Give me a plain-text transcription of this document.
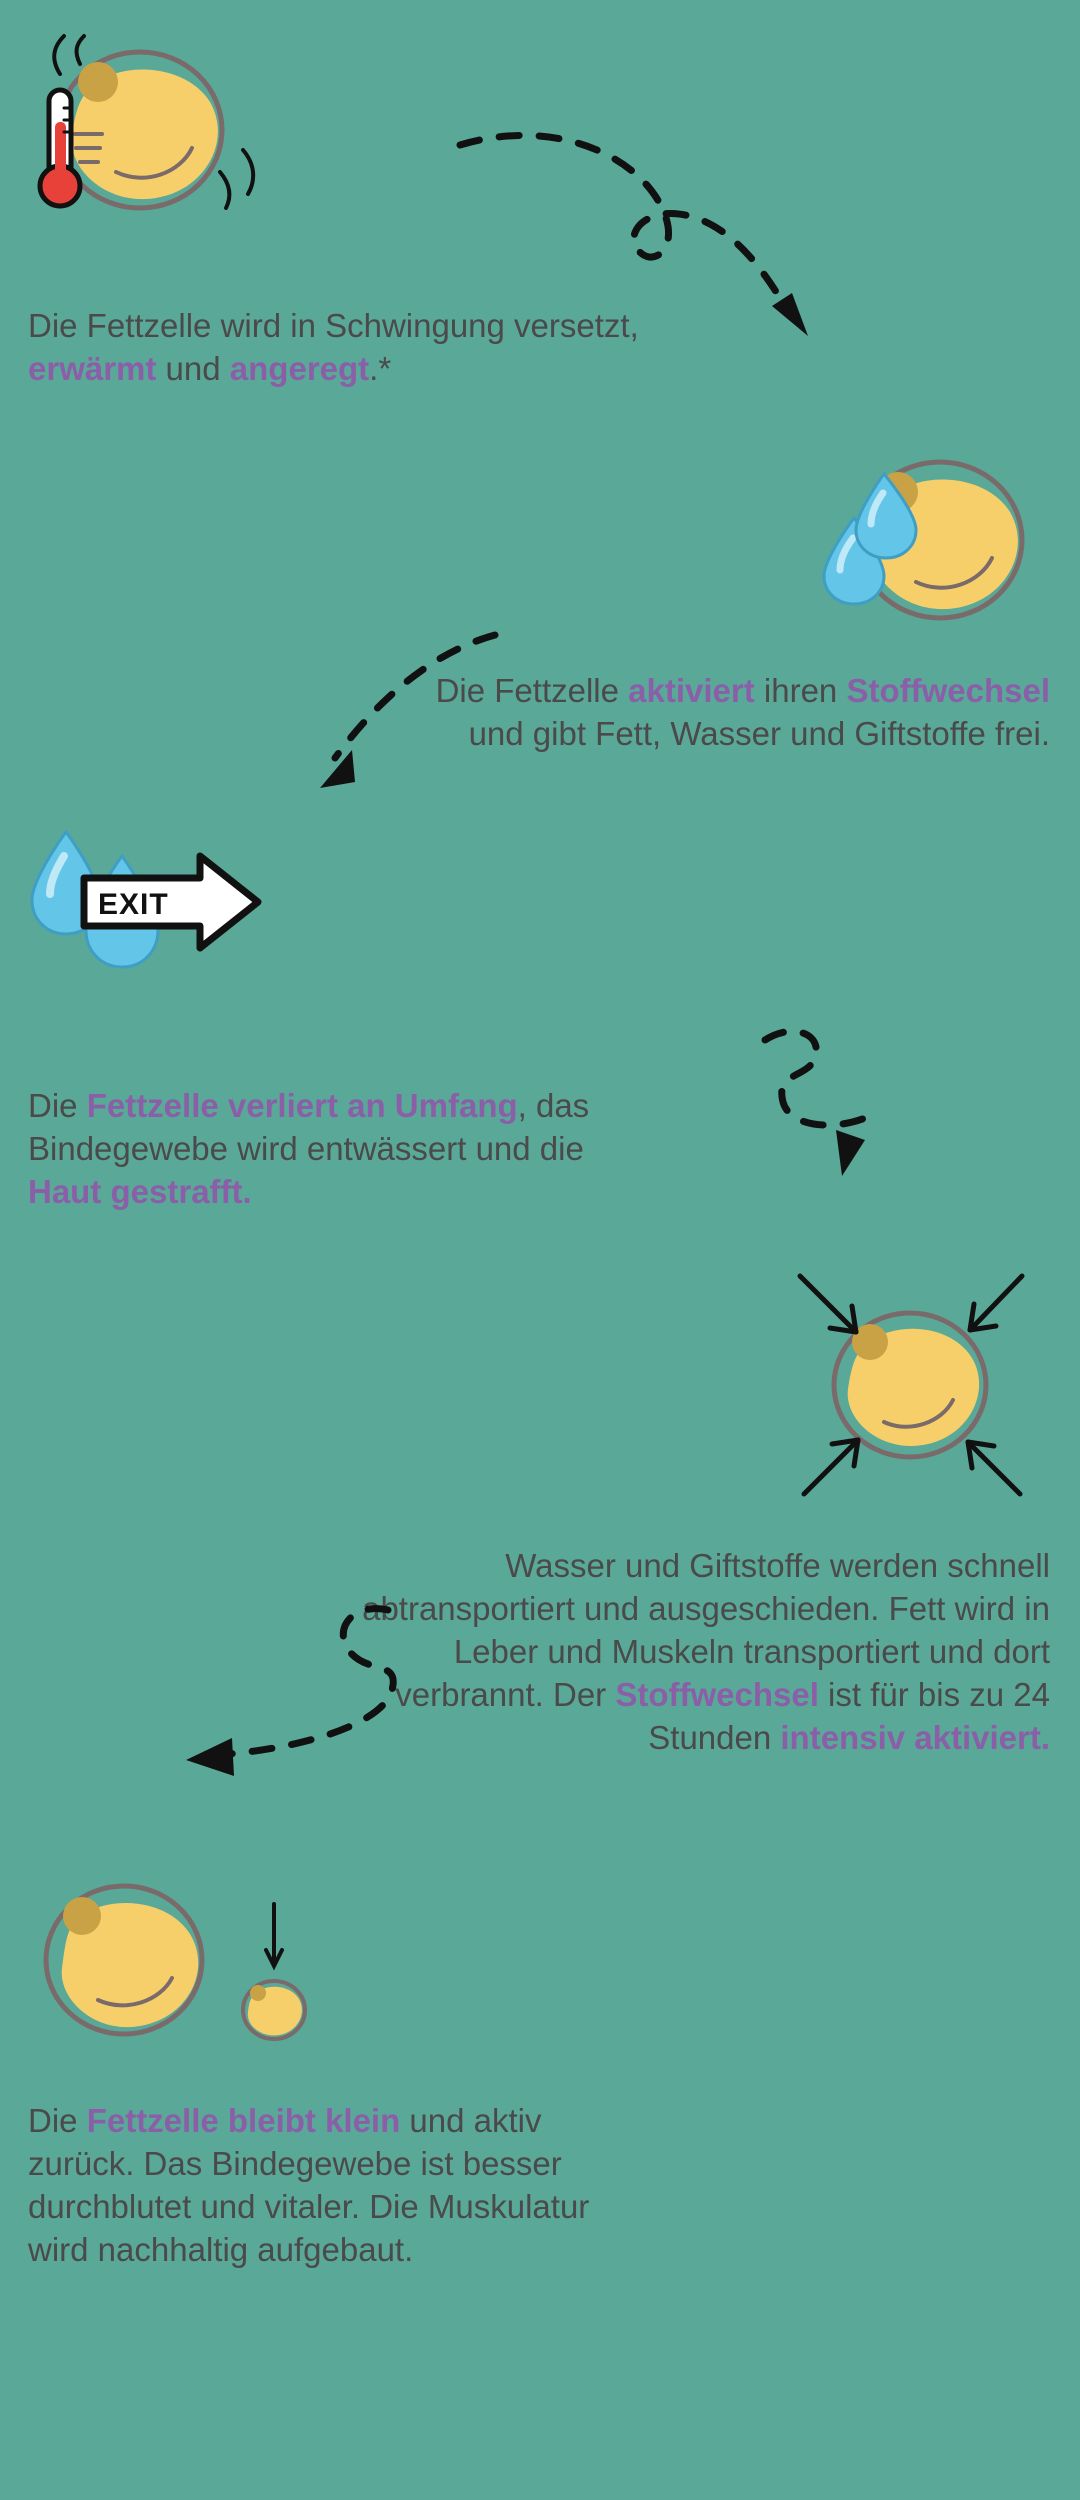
Die Fettzelle wird in Schwingung versetzt, erwärmt und angeregt.*
Die Fettzelle aktiviert ihren Stoffwechsel und gibt Fett, Wasser und Giftstoffe frei.
EXIT
Die Fettzelle verliert an Umfang, das Bindegewebe wird entwässert und die Haut gestrafft.
Wasser und Giftstoffe werden schnell abtransportiert und ausgeschieden. Fett wird in Leber und Muskeln transportiert und dort verbrannt. Der Stoffwechsel ist für bis zu 24 Stunden intensiv aktiviert.
Die Fettzelle bleibt klein und aktiv zurück. Das Bindegewebe ist besser durchblutet und vitaler. Die Muskulatur wird nachhaltig aufgebaut.
